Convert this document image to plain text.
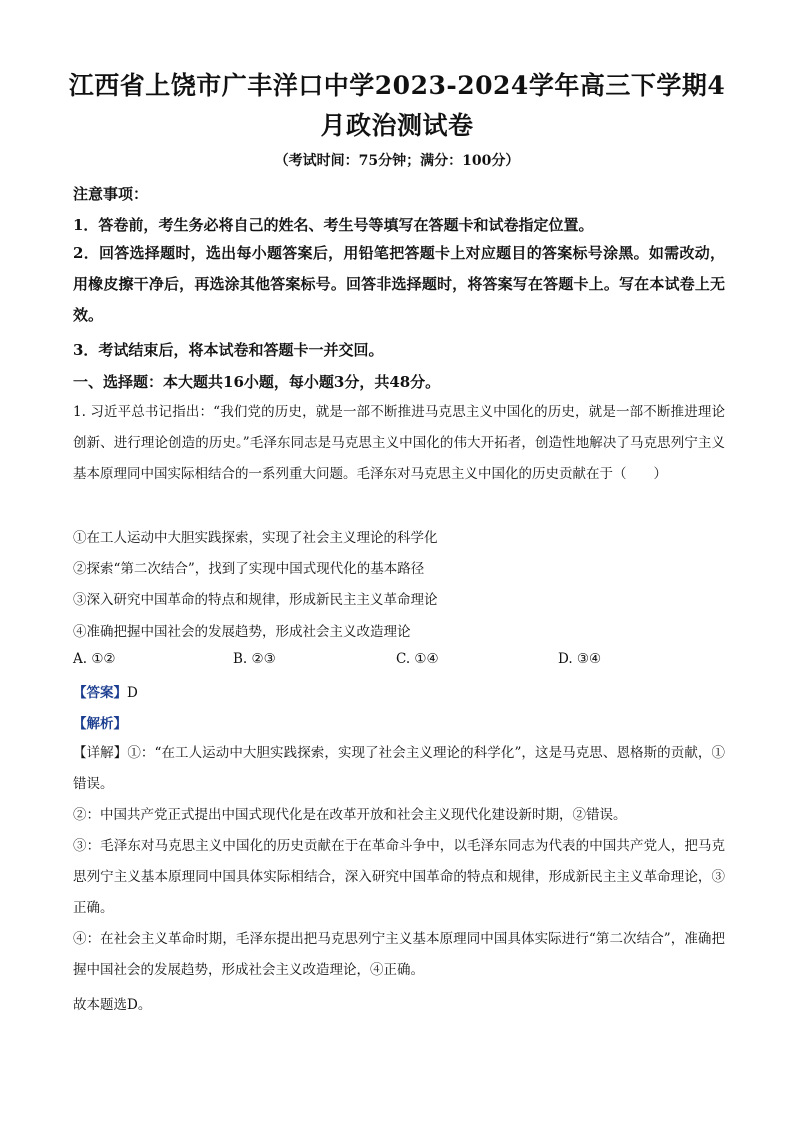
江西省上饶市广丰洋口中学2023-2024学年高三下学期4月政治测试卷
（考试时间：75分钟；满分：100分）
注意事项：
1．答卷前，考生务必将自己的姓名、考生号等填写在答题卡和试卷指定位置。
2．回答选择题时，选出每小题答案后，用铅笔把答题卡上对应题目的答案标号涂黑。如需改动，用橡皮擦干净后，再选涂其他答案标号。回答非选择题时，将答案写在答题卡上。写在本试卷上无效。
3．考试结束后，将本试卷和答题卡一并交回。
一、选择题：本大题共16小题，每小题3分，共48分。
1. 习近平总书记指出：“我们党的历史，就是一部不断推进马克思主义中国化的历史，就是一部不断推进理论创新、进行理论创造的历史。”毛泽东同志是马克思主义中国化的伟大开拓者，创造性地解决了马克思列宁主义基本原理同中国实际相结合的一系列重大问题。毛泽东对马克思主义中国化的历史贡献在于（　　）
①在工人运动中大胆实践探索，实现了社会主义理论的科学化
②探索“第二次结合”，找到了实现中国式现代化的基本路径
③深入研究中国革命的特点和规律，形成新民主主义革命理论
④准确把握中国社会的发展趋势，形成社会主义改造理论
A. ①②	B. ②③	C. ①④	D. ③④
【答案】D
【解析】
【详解】①：“在工人运动中大胆实践探索，实现了社会主义理论的科学化”，这是马克思、恩格斯的贡献，①错误。
②：中国共产党正式提出中国式现代化是在改革开放和社会主义现代化建设新时期，②错误。
③：毛泽东对马克思主义中国化的历史贡献在于在革命斗争中，以毛泽东同志为代表的中国共产党人，把马克思列宁主义基本原理同中国具体实际相结合，深入研究中国革命的特点和规律，形成新民主主义革命理论，③正确。
④：在社会主义革命时期，毛泽东提出把马克思列宁主义基本原理同中国具体实际进行“第二次结合”，准确把握中国社会的发展趋势，形成社会主义改造理论，④正确。
故本题选D。
